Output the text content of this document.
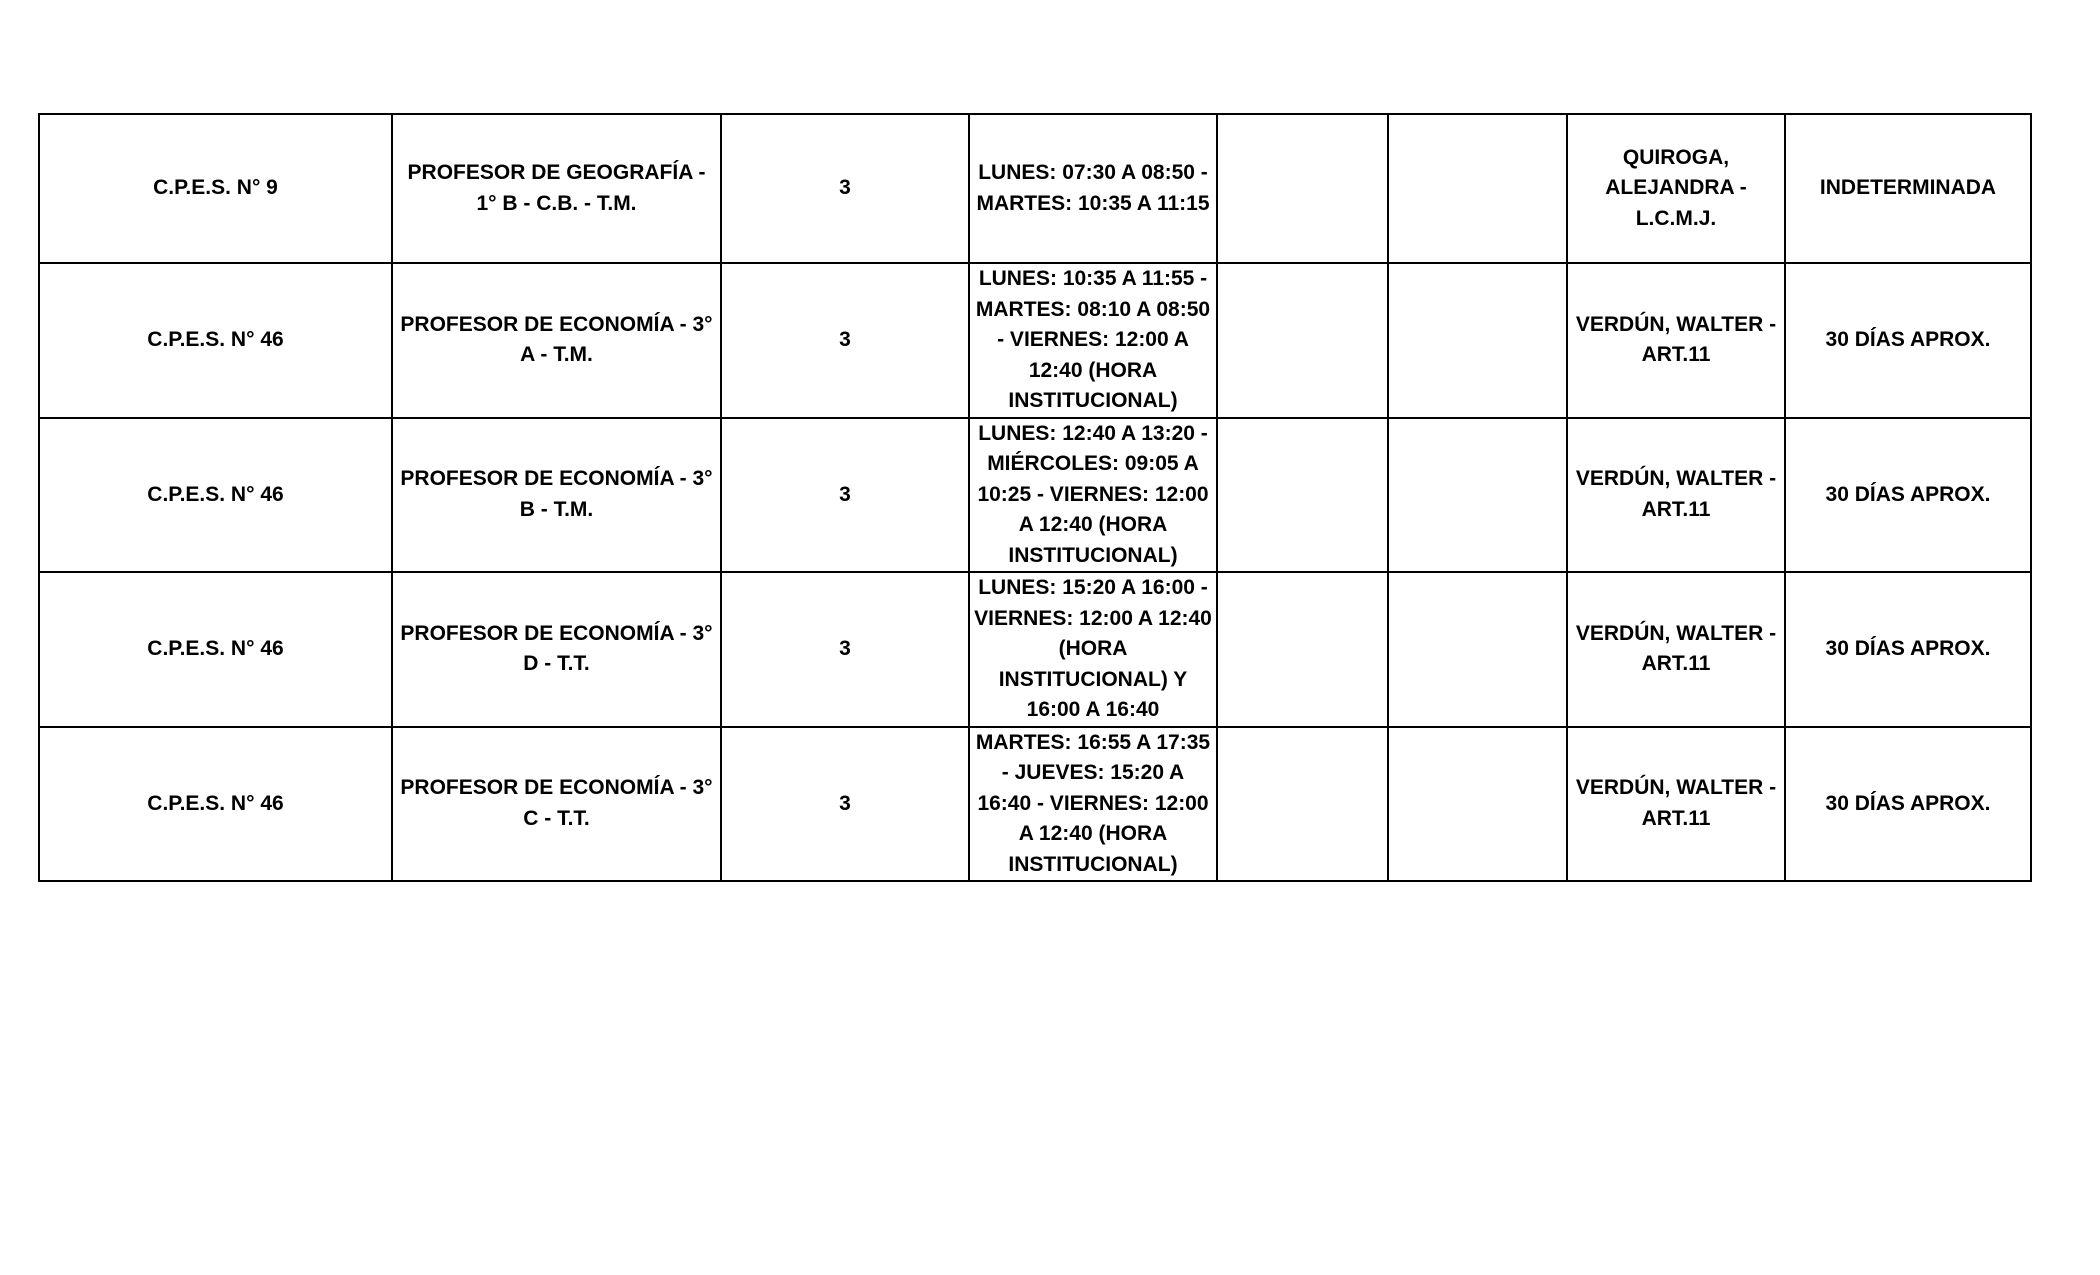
C.P.E.S. N° 9	PROFESOR DE GEOGRAFÍA - 1° B - C.B. - T.M.	3	LUNES: 07:30 A 08:50 - MARTES: 10:35 A 11:15			QUIROGA, ALEJANDRA - L.C.M.J.	INDETERMINADA

C.P.E.S. N° 46	PROFESOR DE ECONOMÍA - 3° A - T.M.	3	LUNES: 10:35 A 11:55 - MARTES: 08:10 A 08:50 - VIERNES: 12:00 A 12:40 (HORA INSTITUCIONAL)			VERDÚN, WALTER - ART.11	30 DÍAS APROX.

C.P.E.S. N° 46	PROFESOR DE ECONOMÍA - 3° B - T.M.	3	LUNES: 12:40 A 13:20 - MIÉRCOLES: 09:05 A 10:25 - VIERNES: 12:00 A 12:40 (HORA INSTITUCIONAL)			VERDÚN, WALTER - ART.11	30 DÍAS APROX.

C.P.E.S. N° 46	PROFESOR DE ECONOMÍA - 3° D - T.T.	3	LUNES: 15:20 A 16:00 - VIERNES: 12:00 A 12:40 (HORA INSTITUCIONAL) Y 16:00 A 16:40			VERDÚN, WALTER - ART.11	30 DÍAS APROX.

C.P.E.S. N° 46	PROFESOR DE ECONOMÍA - 3° C - T.T.	3	MARTES: 16:55 A 17:35 - JUEVES: 15:20 A 16:40 - VIERNES: 12:00 A 12:40 (HORA INSTITUCIONAL)			VERDÚN, WALTER - ART.11	30 DÍAS APROX.
